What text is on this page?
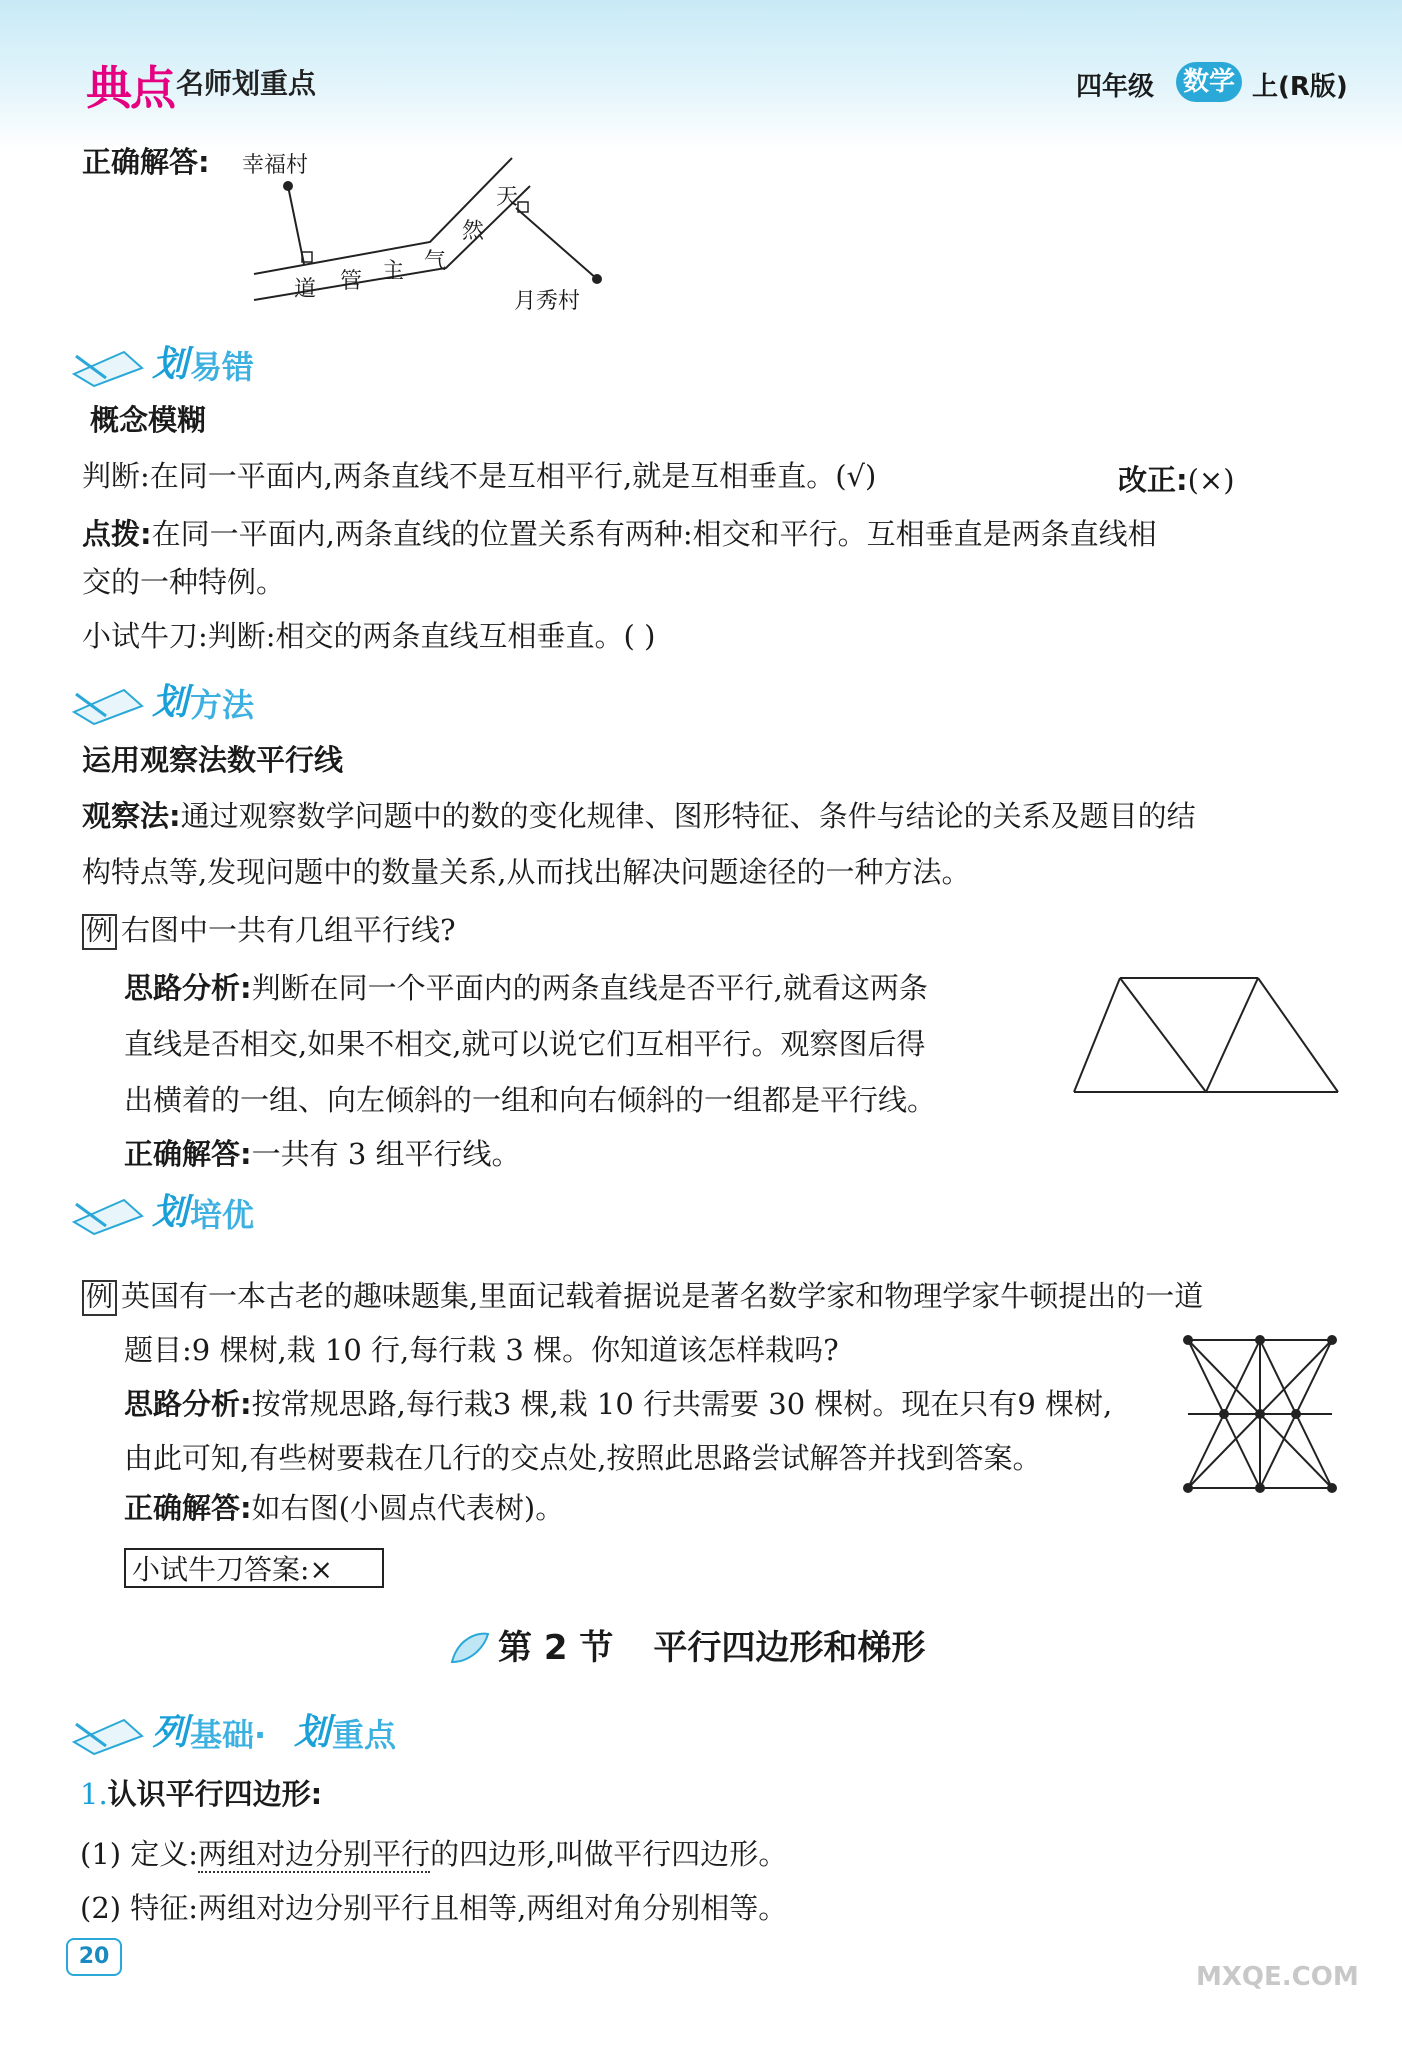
典点 名师划重点	四年级 数学 上(R版)
正确解答: 幸福村
月秀村
道 管 主 气
然
天
划 易错
概念模糊
判断:在同一平面内,两条直线不是互相平行,就是互相垂直。(√)	改正:(×)
点拨:在同一平面内,两条直线的位置关系有两种:相交和平行。互相垂直是两条直线相
交的一种特例。
小试牛刀:判断:相交的两条直线互相垂直。( )
划 方法
运用观察法数平行线
观察法:通过观察数学问题中的数的变化规律、图形特征、条件与结论的关系及题目的结
构特点等,发现问题中的数量关系,从而找出解决问题途径的一种方法。
例 右图中一共有几组平行线?
思路分析:判断在同一个平面内的两条直线是否平行,就看这两条
直线是否相交,如果不相交,就可以说它们互相平行。观察图后得
出横着的一组、向左倾斜的一组和向右倾斜的一组都是平行线。
正确解答:一共有 3 组平行线。
划 培优
例 英国有一本古老的趣味题集,里面记载着据说是著名数学家和物理学家牛顿提出的一道
题目:9 棵树,栽 10 行,每行栽 3 棵。你知道该怎样栽吗?
思路分析:按常规思路,每行栽3 棵,栽 10 行共需要 30 棵树。现在只有9 棵树,
由此可知,有些树要栽在几行的交点处,按照此思路尝试解答并找到答案。
正确解答:如右图(小圆点代表树)。
小试牛刀答案:×
第 2 节 平行四边形和梯形
列 基础· 划 重点
1.认识平行四边形:
(1) 定义:两组对边分别平行的四边形,叫做平行四边形。
(2) 特征:两组对边分别平行且相等,两组对角分别相等。
20
MXQE.COM
